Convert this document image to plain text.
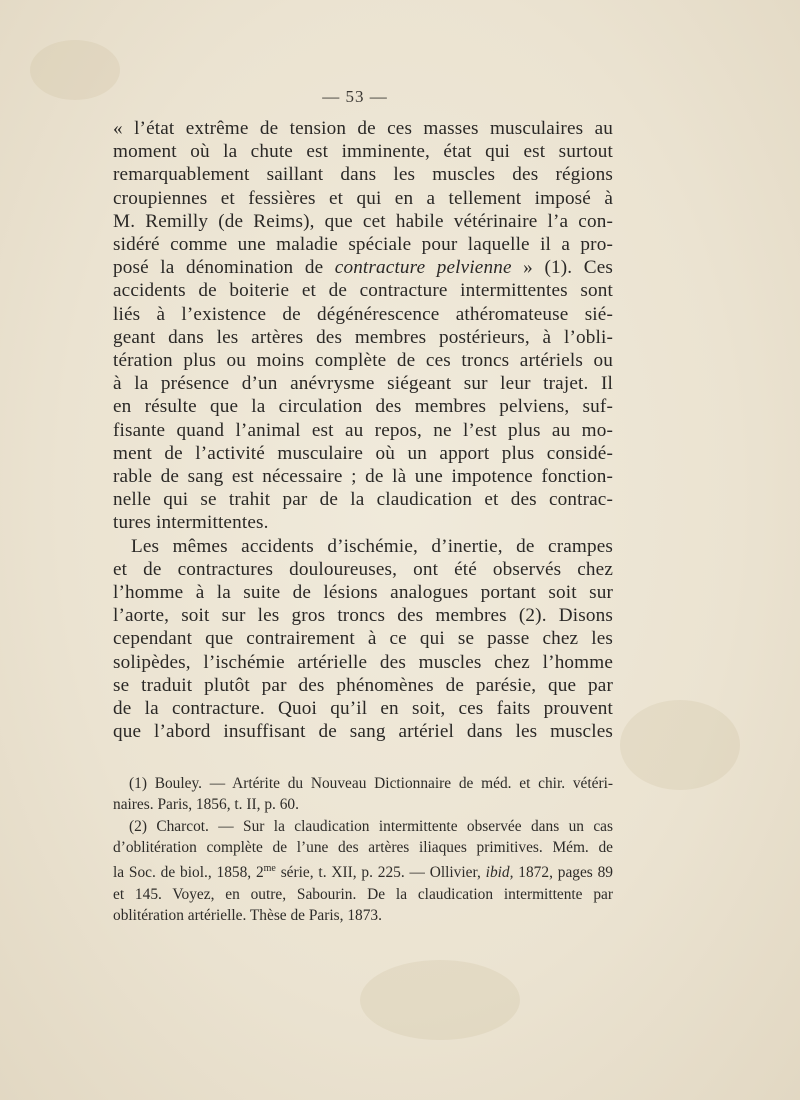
— 53 —
« l’état extrême de tension de ces masses musculaires au
moment où la chute est imminente, état qui est surtout
remarquablement saillant dans les muscles des régions
croupiennes et fessières et qui en a tellement imposé à
M. Remilly (de Reims), que cet habile vétérinaire l’a con-
sidéré comme une maladie spéciale pour laquelle il a pro-
posé la dénomination de contracture pelvienne » (1). Ces
accidents de boiterie et de contracture intermittentes sont
liés à l’existence de dégénérescence athéromateuse sié-
geant dans les artères des membres postérieurs, à l’obli-
tération plus ou moins complète de ces troncs artériels ou
à la présence d’un anévrysme siégeant sur leur trajet. Il
en résulte que la circulation des membres pelviens, suf-
fisante quand l’animal est au repos, ne l’est plus au mo-
ment de l’activité musculaire où un apport plus considé-
rable de sang est nécessaire ; de là une impotence fonction-
nelle qui se trahit par de la claudication et des contrac-
tures intermittentes.
Les mêmes accidents d’ischémie, d’inertie, de crampes
et de contractures douloureuses, ont été observés chez
l’homme à la suite de lésions analogues portant soit sur
l’aorte, soit sur les gros troncs des membres (2). Disons
cependant que contrairement à ce qui se passe chez les
solipèdes, l’ischémie artérielle des muscles chez l’homme
se traduit plutôt par des phénomènes de parésie, que par
de la contracture. Quoi qu’il en soit, ces faits prouvent
que l’abord insuffisant de sang artériel dans les muscles
(1) Bouley. — Artérite du Nouveau Dictionnaire de méd. et chir. vétéri-
naires. Paris, 1856, t. II, p. 60.
(2) Charcot. — Sur la claudication intermittente observée dans un cas
d’oblitération complète de l’une des artères iliaques primitives. Mém. de
la Soc. de biol., 1858, $2^{me}$ série, t. XII, p. 225. — Ollivier, ibid, 1872, pages 89
et 145. Voyez, en outre, Sabourin. De la claudication intermittente par
oblitération artérielle. Thèse de Paris, 1873.
